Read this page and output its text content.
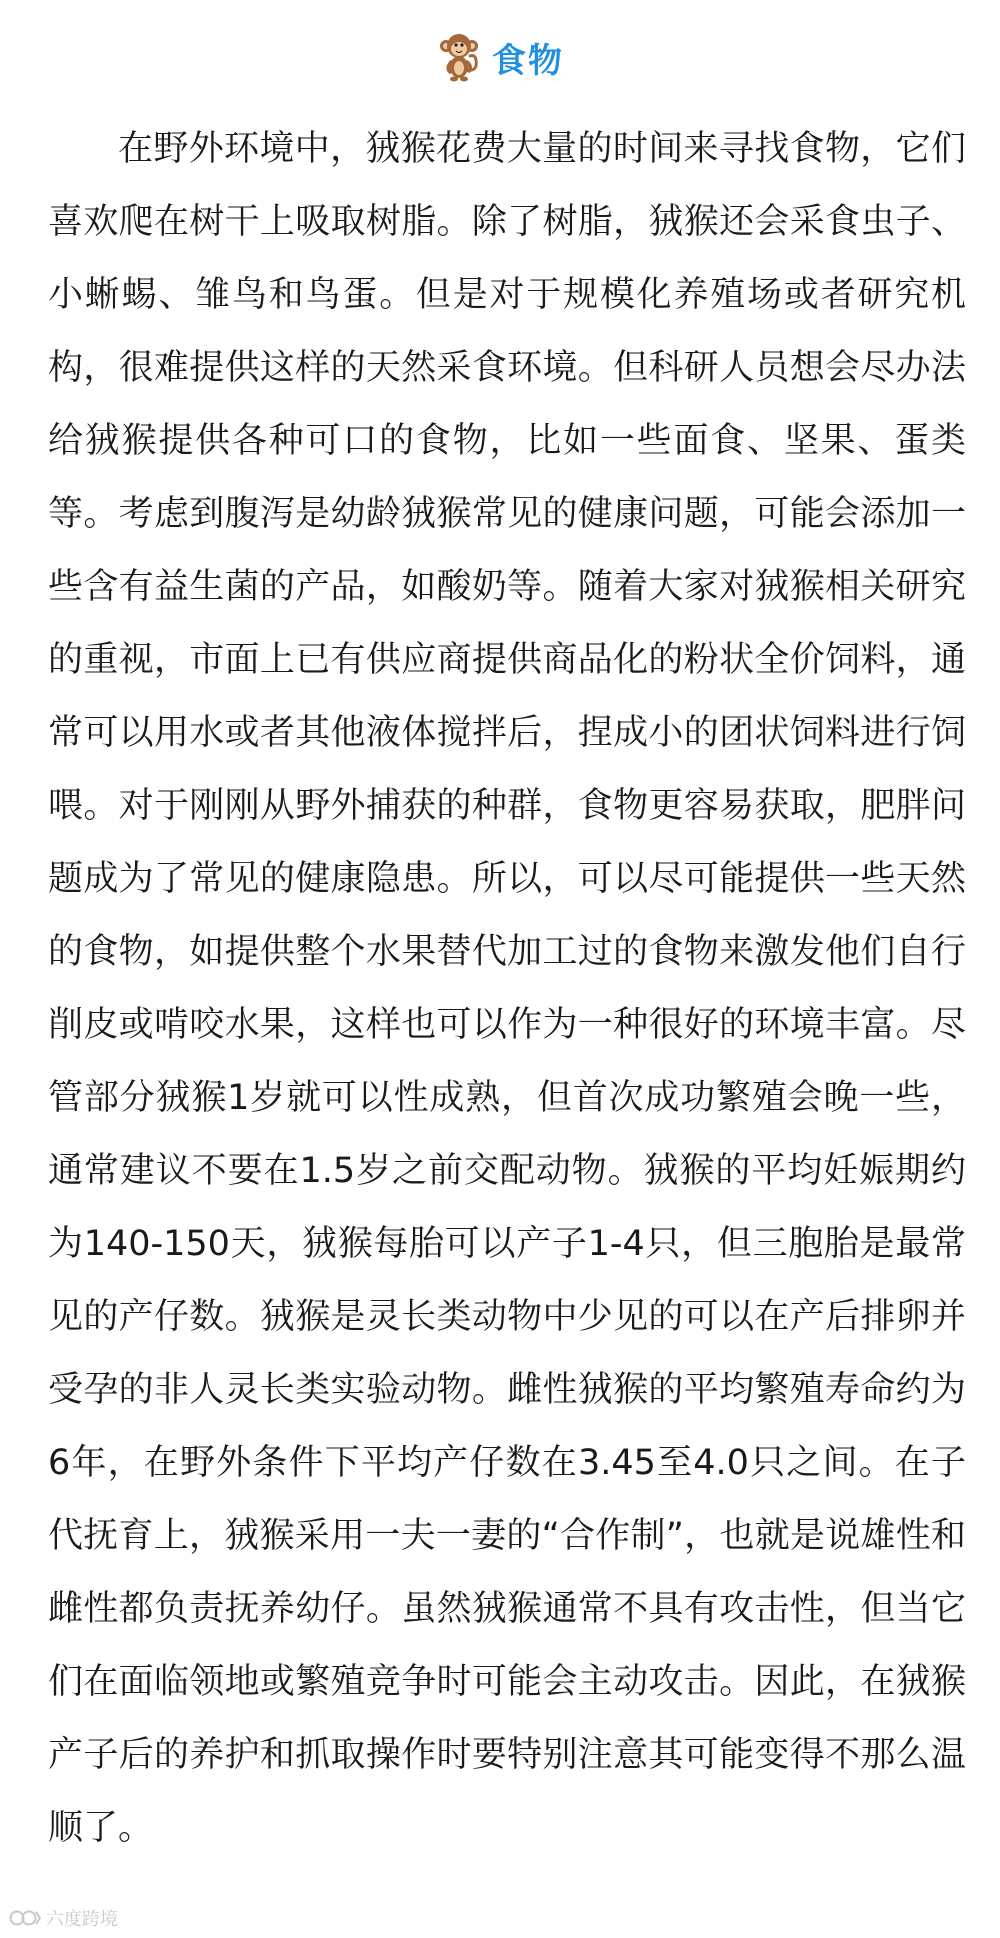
食物

在野外环境中，狨猴花费大量的时间来寻找食物，它们喜欢爬在树干上吸取树脂。除了树脂，狨猴还会采食虫子、小蜥蜴、雏鸟和鸟蛋。但是对于规模化养殖场或者研究机构，很难提供这样的天然采食环境。但科研人员想会尽办法给狨猴提供各种可口的食物，比如一些面食、坚果、蛋类等。考虑到腹泻是幼龄狨猴常见的健康问题，可能会添加一些含有益生菌的产品，如酸奶等。随着大家对狨猴相关研究的重视，市面上已有供应商提供商品化的粉状全价饲料，通常可以用水或者其他液体搅拌后，捏成小的团状饲料进行饲喂。对于刚刚从野外捕获的种群，食物更容易获取，肥胖问题成为了常见的健康隐患。所以，可以尽可能提供一些天然的食物，如提供整个水果替代加工过的食物来激发他们自行削皮或啃咬水果，这样也可以作为一种很好的环境丰富。尽管部分狨猴1岁就可以性成熟，但首次成功繁殖会晚一些，通常建议不要在1.5岁之前交配动物。狨猴的平均妊娠期约为140-150天，狨猴每胎可以产子1-4只，但三胞胎是最常见的产仔数。狨猴是灵长类动物中少见的可以在产后排卵并受孕的非人灵长类实验动物。雌性狨猴的平均繁殖寿命约为6年，在野外条件下平均产仔数在3.45至4.0只之间。在子代抚育上，狨猴采用一夫一妻的“合作制”，也就是说雄性和雌性都负责抚养幼仔。虽然狨猴通常不具有攻击性，但当它们在面临领地或繁殖竞争时可能会主动攻击。因此，在狨猴产子后的养护和抓取操作时要特别注意其可能变得不那么温顺了。

六度跨境
